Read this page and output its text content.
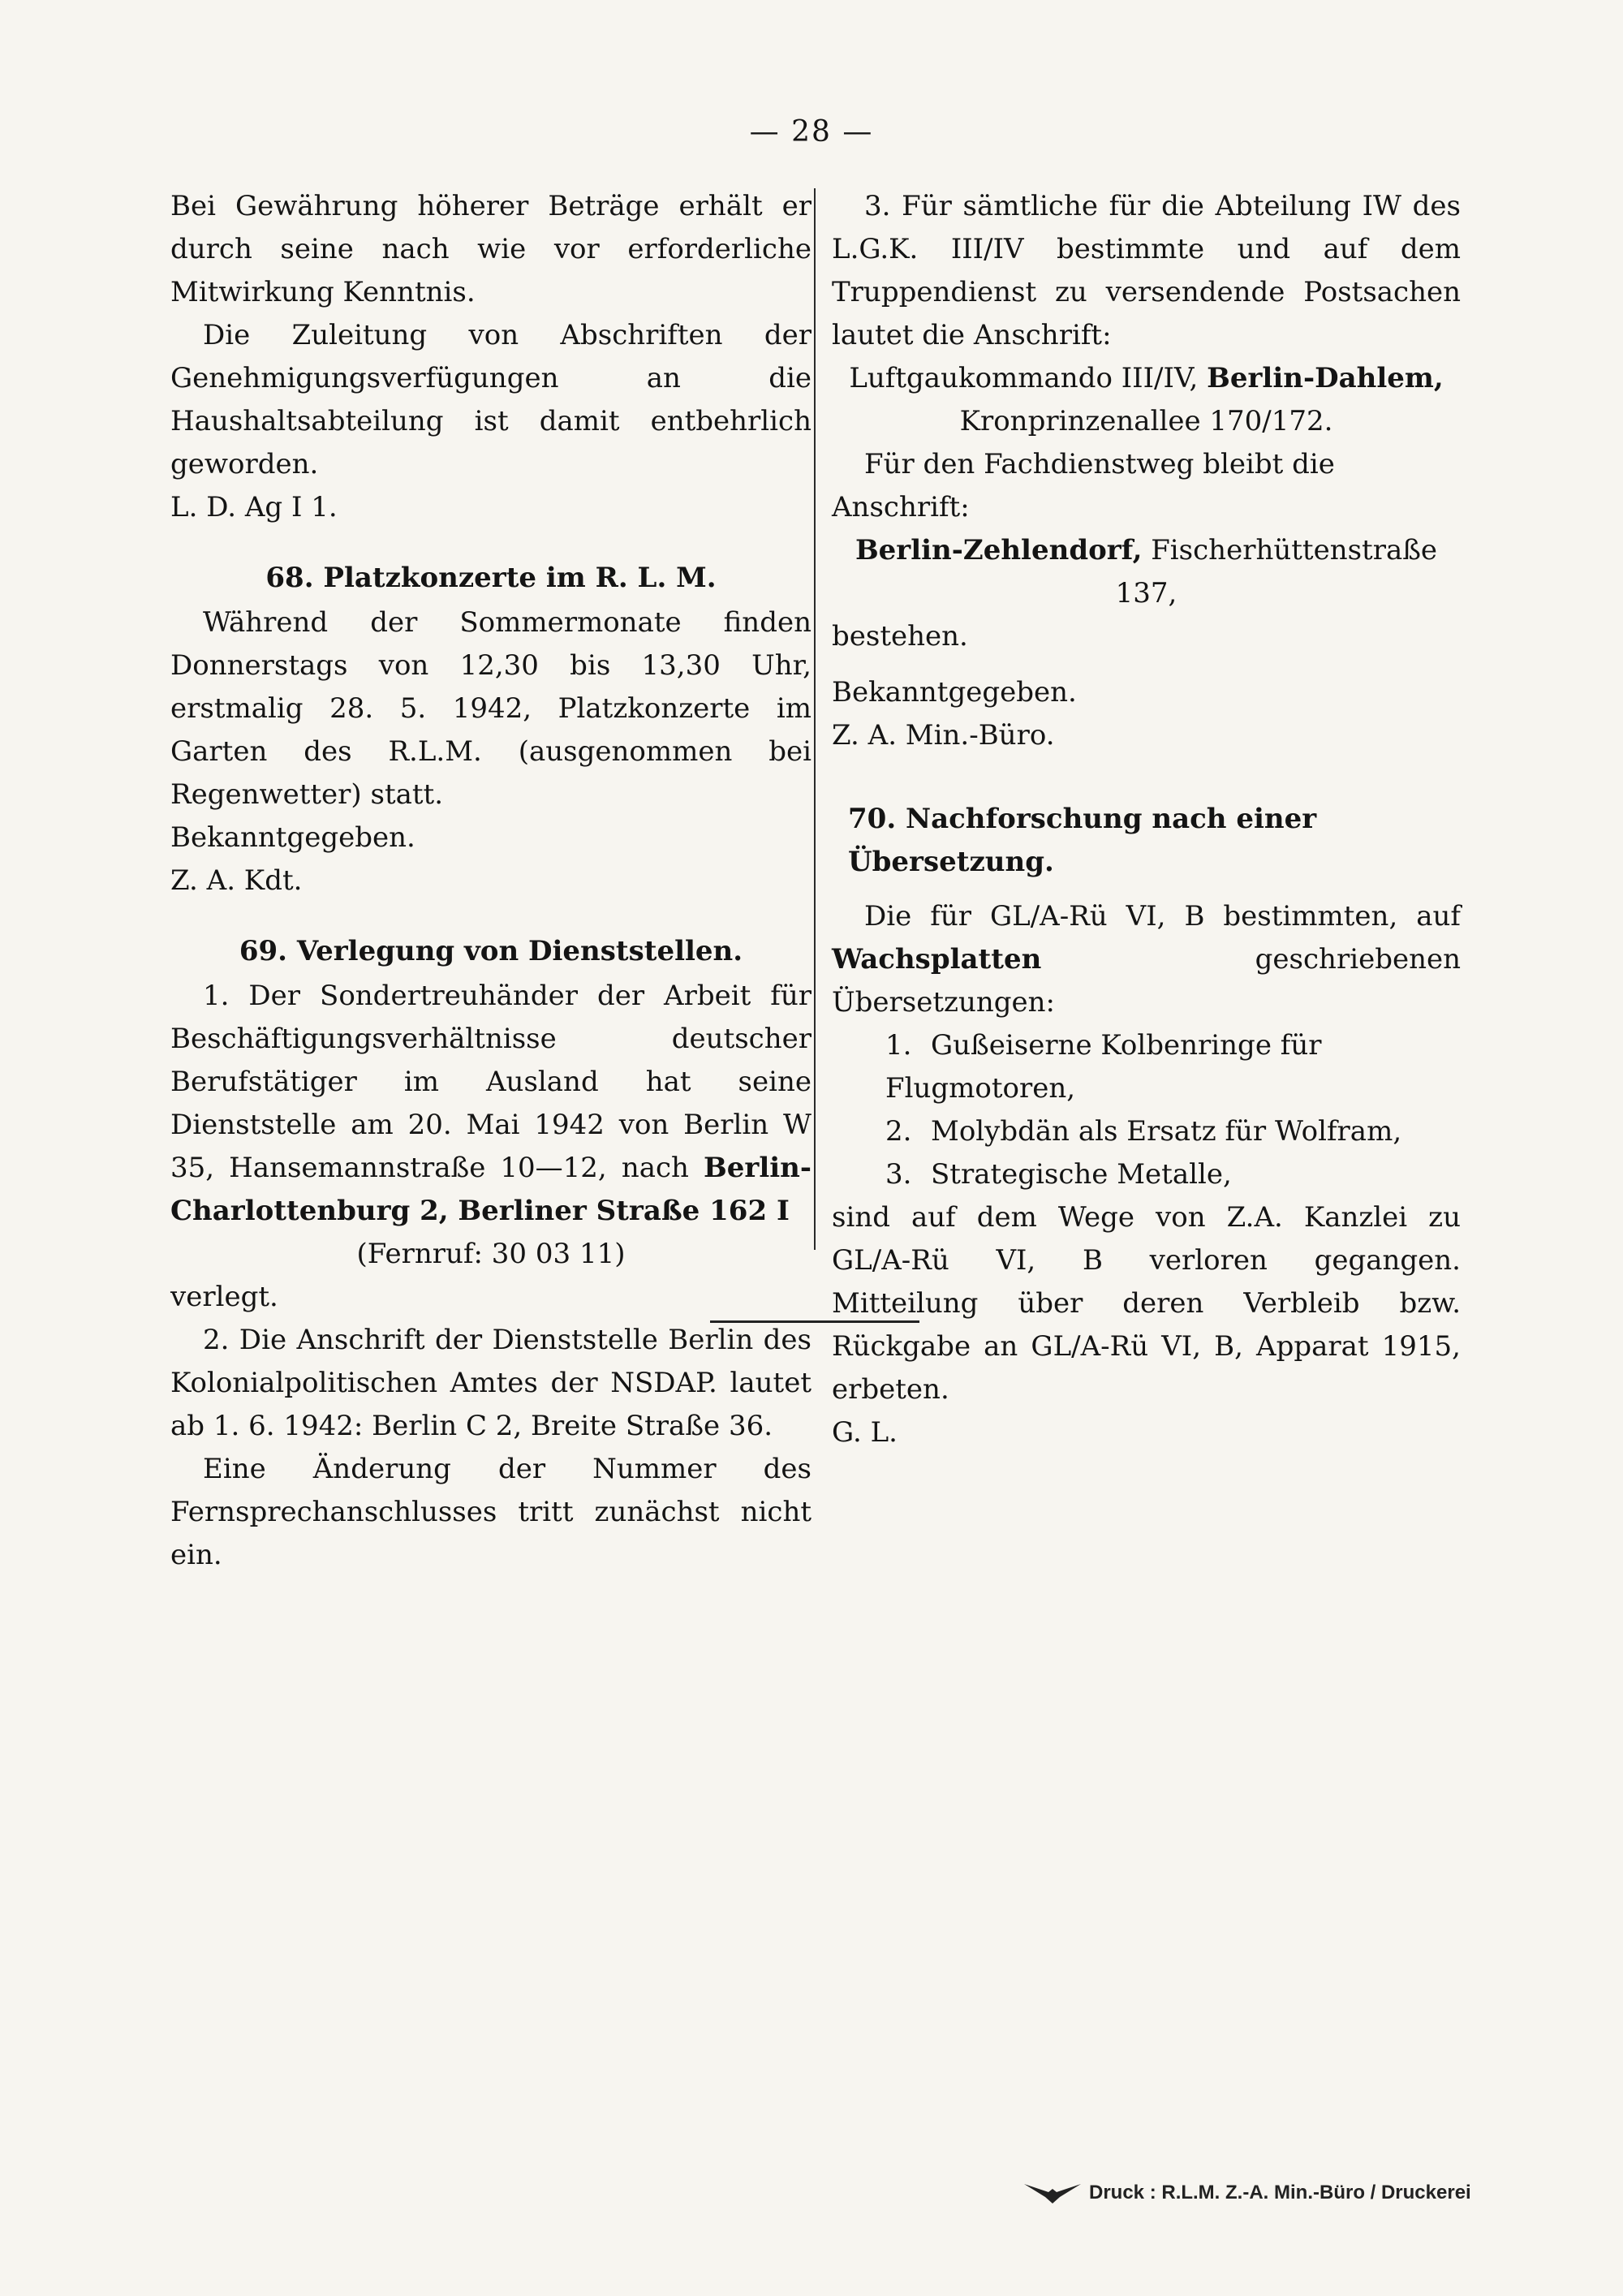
— 28 —

Bei Gewährung höherer Beträge erhält er durch seine nach wie vor erforderliche Mitwirkung Kenntnis.

Die Zuleitung von Abschriften der Genehmigungsverfügungen an die Haushaltsabteilung ist damit entbehrlich geworden.

L. D. Ag I 1.

68. Platzkonzerte im R. L. M.

Während der Sommermonate finden Donnerstags von 12,30 bis 13,30 Uhr, erstmalig 28. 5. 1942, Platzkonzerte im Garten des R.L.M. (ausgenommen bei Regenwetter) statt.

Bekanntgegeben.

Z. A. Kdt.

69. Verlegung von Dienststellen.

1. Der Sondertreuhänder der Arbeit für Beschäftigungsverhältnisse deutscher Berufstätiger im Ausland hat seine Dienststelle am 20. Mai 1942 von Berlin W 35, Hansemannstraße 10—12, nach Berlin-Charlottenburg 2, Berliner Straße 162 I

(Fernruf: 30 03 11)

verlegt.

2. Die Anschrift der Dienststelle Berlin des Kolonialpolitischen Amtes der NSDAP. lautet ab 1. 6. 1942: Berlin C 2, Breite Straße 36.

Eine Änderung der Nummer des Fernsprechanschlusses tritt zunächst nicht ein.

3. Für sämtliche für die Abteilung IW des L.G.K. III/IV bestimmte und auf dem Truppendienst zu versendende Postsachen lautet die Anschrift:

Luftgaukommando III/IV, Berlin-Dahlem,

Kronprinzenallee 170/172.

Für den Fachdienstweg bleibt die Anschrift:

Berlin-Zehlendorf, Fischerhüttenstraße 137,

bestehen.

Bekanntgegeben.

Z. A. Min.-Büro.

70. Nachforschung nach einer Übersetzung.

Die für GL/A-Rü VI, B bestimmten, auf Wachsplatten	geschriebenen Übersetzungen:

1. Gußeiserne Kolbenringe für Flugmotoren,

2. Molybdän als Ersatz für Wolfram,

3. Strategische Metalle,

sind auf dem Wege von Z.A. Kanzlei zu GL/A-Rü VI, B verloren gegangen. Mitteilung über deren Verbleib bzw. Rückgabe an GL/A-Rü VI, B, Apparat 1915, erbeten.

G. L.

Druck : R.L.M. Z.-A. Min.-Büro / Druckerei
